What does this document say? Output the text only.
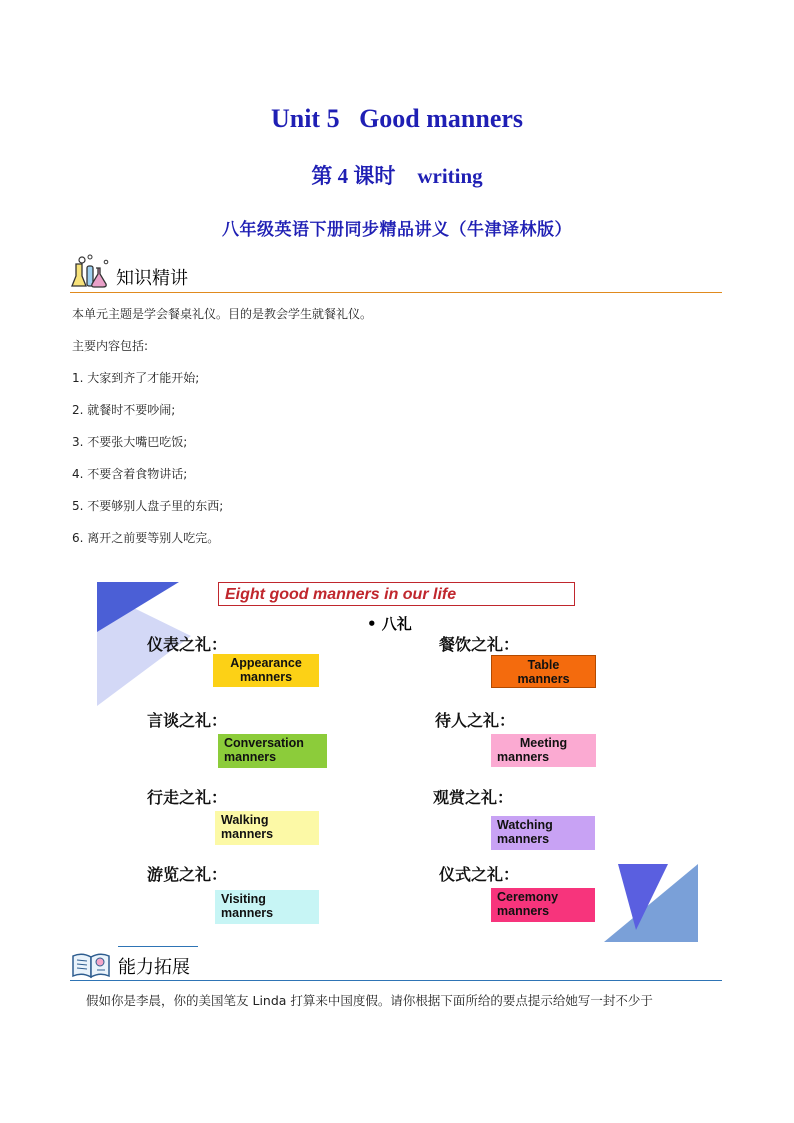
Unit 5   Good manners
第 4 课时 writing
八年级英语下册同步精品讲义（牛津译林版）
知识精讲
本单元主题是学会餐桌礼仪。目的是教会学生就餐礼仪。
主要内容包括:
1. 大家到齐了才能开始;
2. 就餐时不要吵闹;
3. 不要张大嘴巴吃饭;
4. 不要含着食物讲话;
5. 不要够别人盘子里的东西;
6. 离开之前要等别人吃完。
Eight good manners in our life
• 八礼
仪表之礼：
Appearance
manners
餐饮之礼：
Table
manners
言谈之礼：
Conversation
manners
待人之礼：
Meeting
manners
行走之礼：
Walking
manners
观赏之礼：
Watching
manners
游览之礼：
Visiting
manners
仪式之礼：
Ceremony
manners
能力拓展
假如你是李晨，你的美国笔友 Linda 打算来中国度假。请你根据下面所给的要点提示给她写一封不少于
